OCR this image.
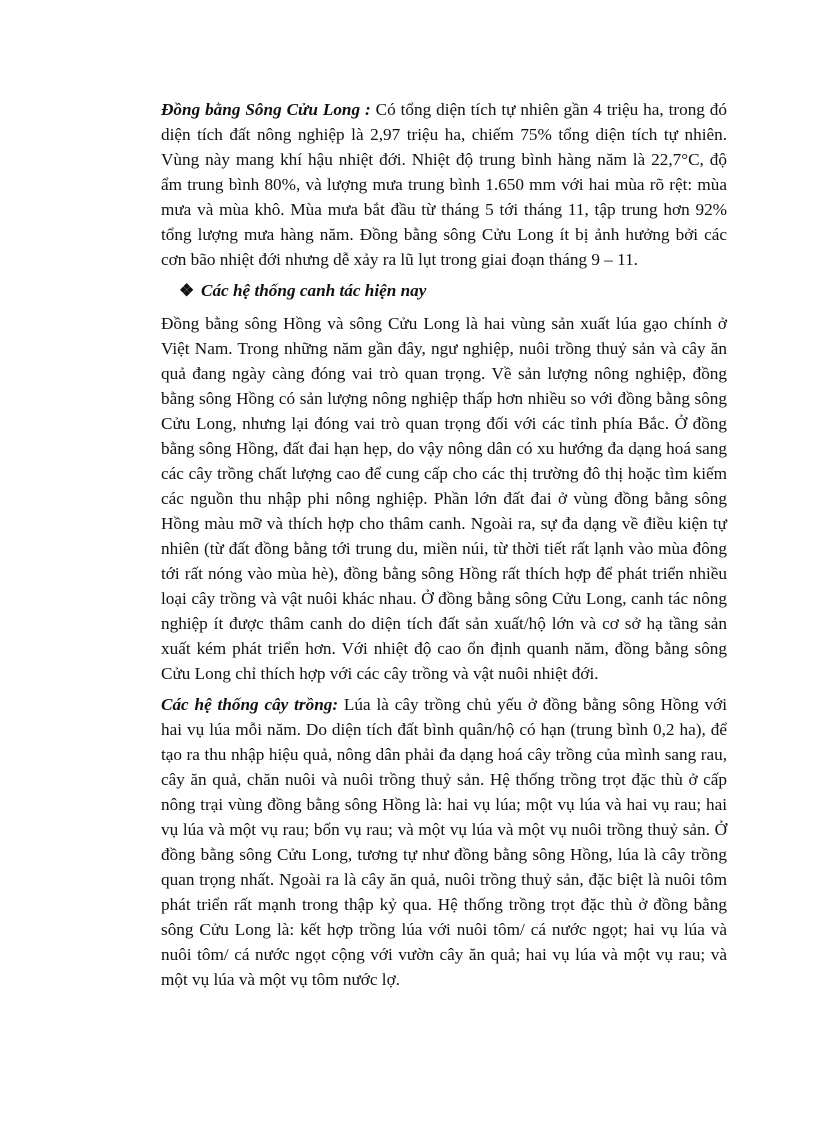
Đồng bằng Sông Cửu Long : Có tổng diện tích tự nhiên gần 4 triệu ha, trong đó diện tích đất nông nghiệp là 2,97 triệu ha, chiếm 75% tổng diện tích tự nhiên. Vùng này mang khí hậu nhiệt đới. Nhiệt độ trung bình hàng năm là 22,7°C, độ ẩm trung bình 80%, và lượng mưa trung bình 1.650 mm với hai mùa rõ rệt: mùa mưa và mùa khô. Mùa mưa bắt đầu từ tháng 5 tới tháng 11, tập trung hơn 92% tổng lượng mưa hàng năm. Đồng bằng sông Cửu Long ít bị ảnh hưởng bởi các cơn bão nhiệt đới nhưng dễ xảy ra lũ lụt trong giai đoạn tháng 9 – 11.

❖ Các hệ thống canh tác hiện nay

Đồng bằng sông Hồng và sông Cửu Long là hai vùng sản xuất lúa gạo chính ở Việt Nam. Trong những năm gần đây, ngư nghiệp, nuôi trồng thuỷ sản và cây ăn quả đang ngày càng đóng vai trò quan trọng. Về sản lượng nông nghiệp, đồng bằng sông Hồng có sản lượng nông nghiệp thấp hơn nhiều so với đồng bằng sông Cửu Long, nhưng lại đóng vai trò quan trọng đối với các tỉnh phía Bắc. Ở đồng bằng sông Hồng, đất đai hạn hẹp, do vậy nông dân có xu hướng đa dạng hoá sang các cây trồng chất lượng cao để cung cấp cho các thị trường đô thị hoặc tìm kiếm các nguồn thu nhập phi nông nghiệp. Phần lớn đất đai ở vùng đồng bằng sông Hồng màu mỡ và thích hợp cho thâm canh. Ngoài ra, sự đa dạng về điều kiện tự nhiên (từ đất đồng bằng tới trung du, miền núi, từ thời tiết rất lạnh vào mùa đông tới rất nóng vào mùa hè), đồng bằng sông Hồng rất thích hợp để phát triển nhiều loại cây trồng và vật nuôi khác nhau. Ở đồng bằng sông Cửu Long, canh tác nông nghiệp ít được thâm canh do diện tích đất sản xuất/hộ lớn và cơ sở hạ tầng sản xuất kém phát triển hơn. Với nhiệt độ cao ổn định quanh năm, đồng bằng sông Cửu Long chỉ thích hợp với các cây trồng và vật nuôi nhiệt đới.

Các hệ thống cây trồng: Lúa là cây trồng chủ yếu ở đồng bằng sông Hồng với hai vụ lúa mỗi năm. Do diện tích đất bình quân/hộ có hạn (trung bình 0,2 ha), để tạo ra thu nhập hiệu quả, nông dân phải đa dạng hoá cây trồng của mình sang rau, cây ăn quả, chăn nuôi và nuôi trồng thuỷ sản. Hệ thống trồng trọt đặc thù ở cấp nông trại vùng đồng bằng sông Hồng là: hai vụ lúa; một vụ lúa và hai vụ rau; hai vụ lúa và một vụ rau; bốn vụ rau; và một vụ lúa và một vụ nuôi trồng thuỷ sản. Ở đồng bằng sông Cửu Long, tương tự như đồng bằng sông Hồng, lúa là cây trồng quan trọng nhất. Ngoài ra là cây ăn quả, nuôi trồng thuỷ sản, đặc biệt là nuôi tôm phát triển rất mạnh trong thập kỷ qua. Hệ thống trồng trọt đặc thù ở đồng bằng sông Cửu Long là: kết hợp trồng lúa với nuôi tôm/ cá nước ngọt; hai vụ lúa và nuôi tôm/ cá nước ngọt cộng với vườn cây ăn quả; hai vụ lúa và một vụ rau; và một vụ lúa và một vụ tôm nước lợ.
